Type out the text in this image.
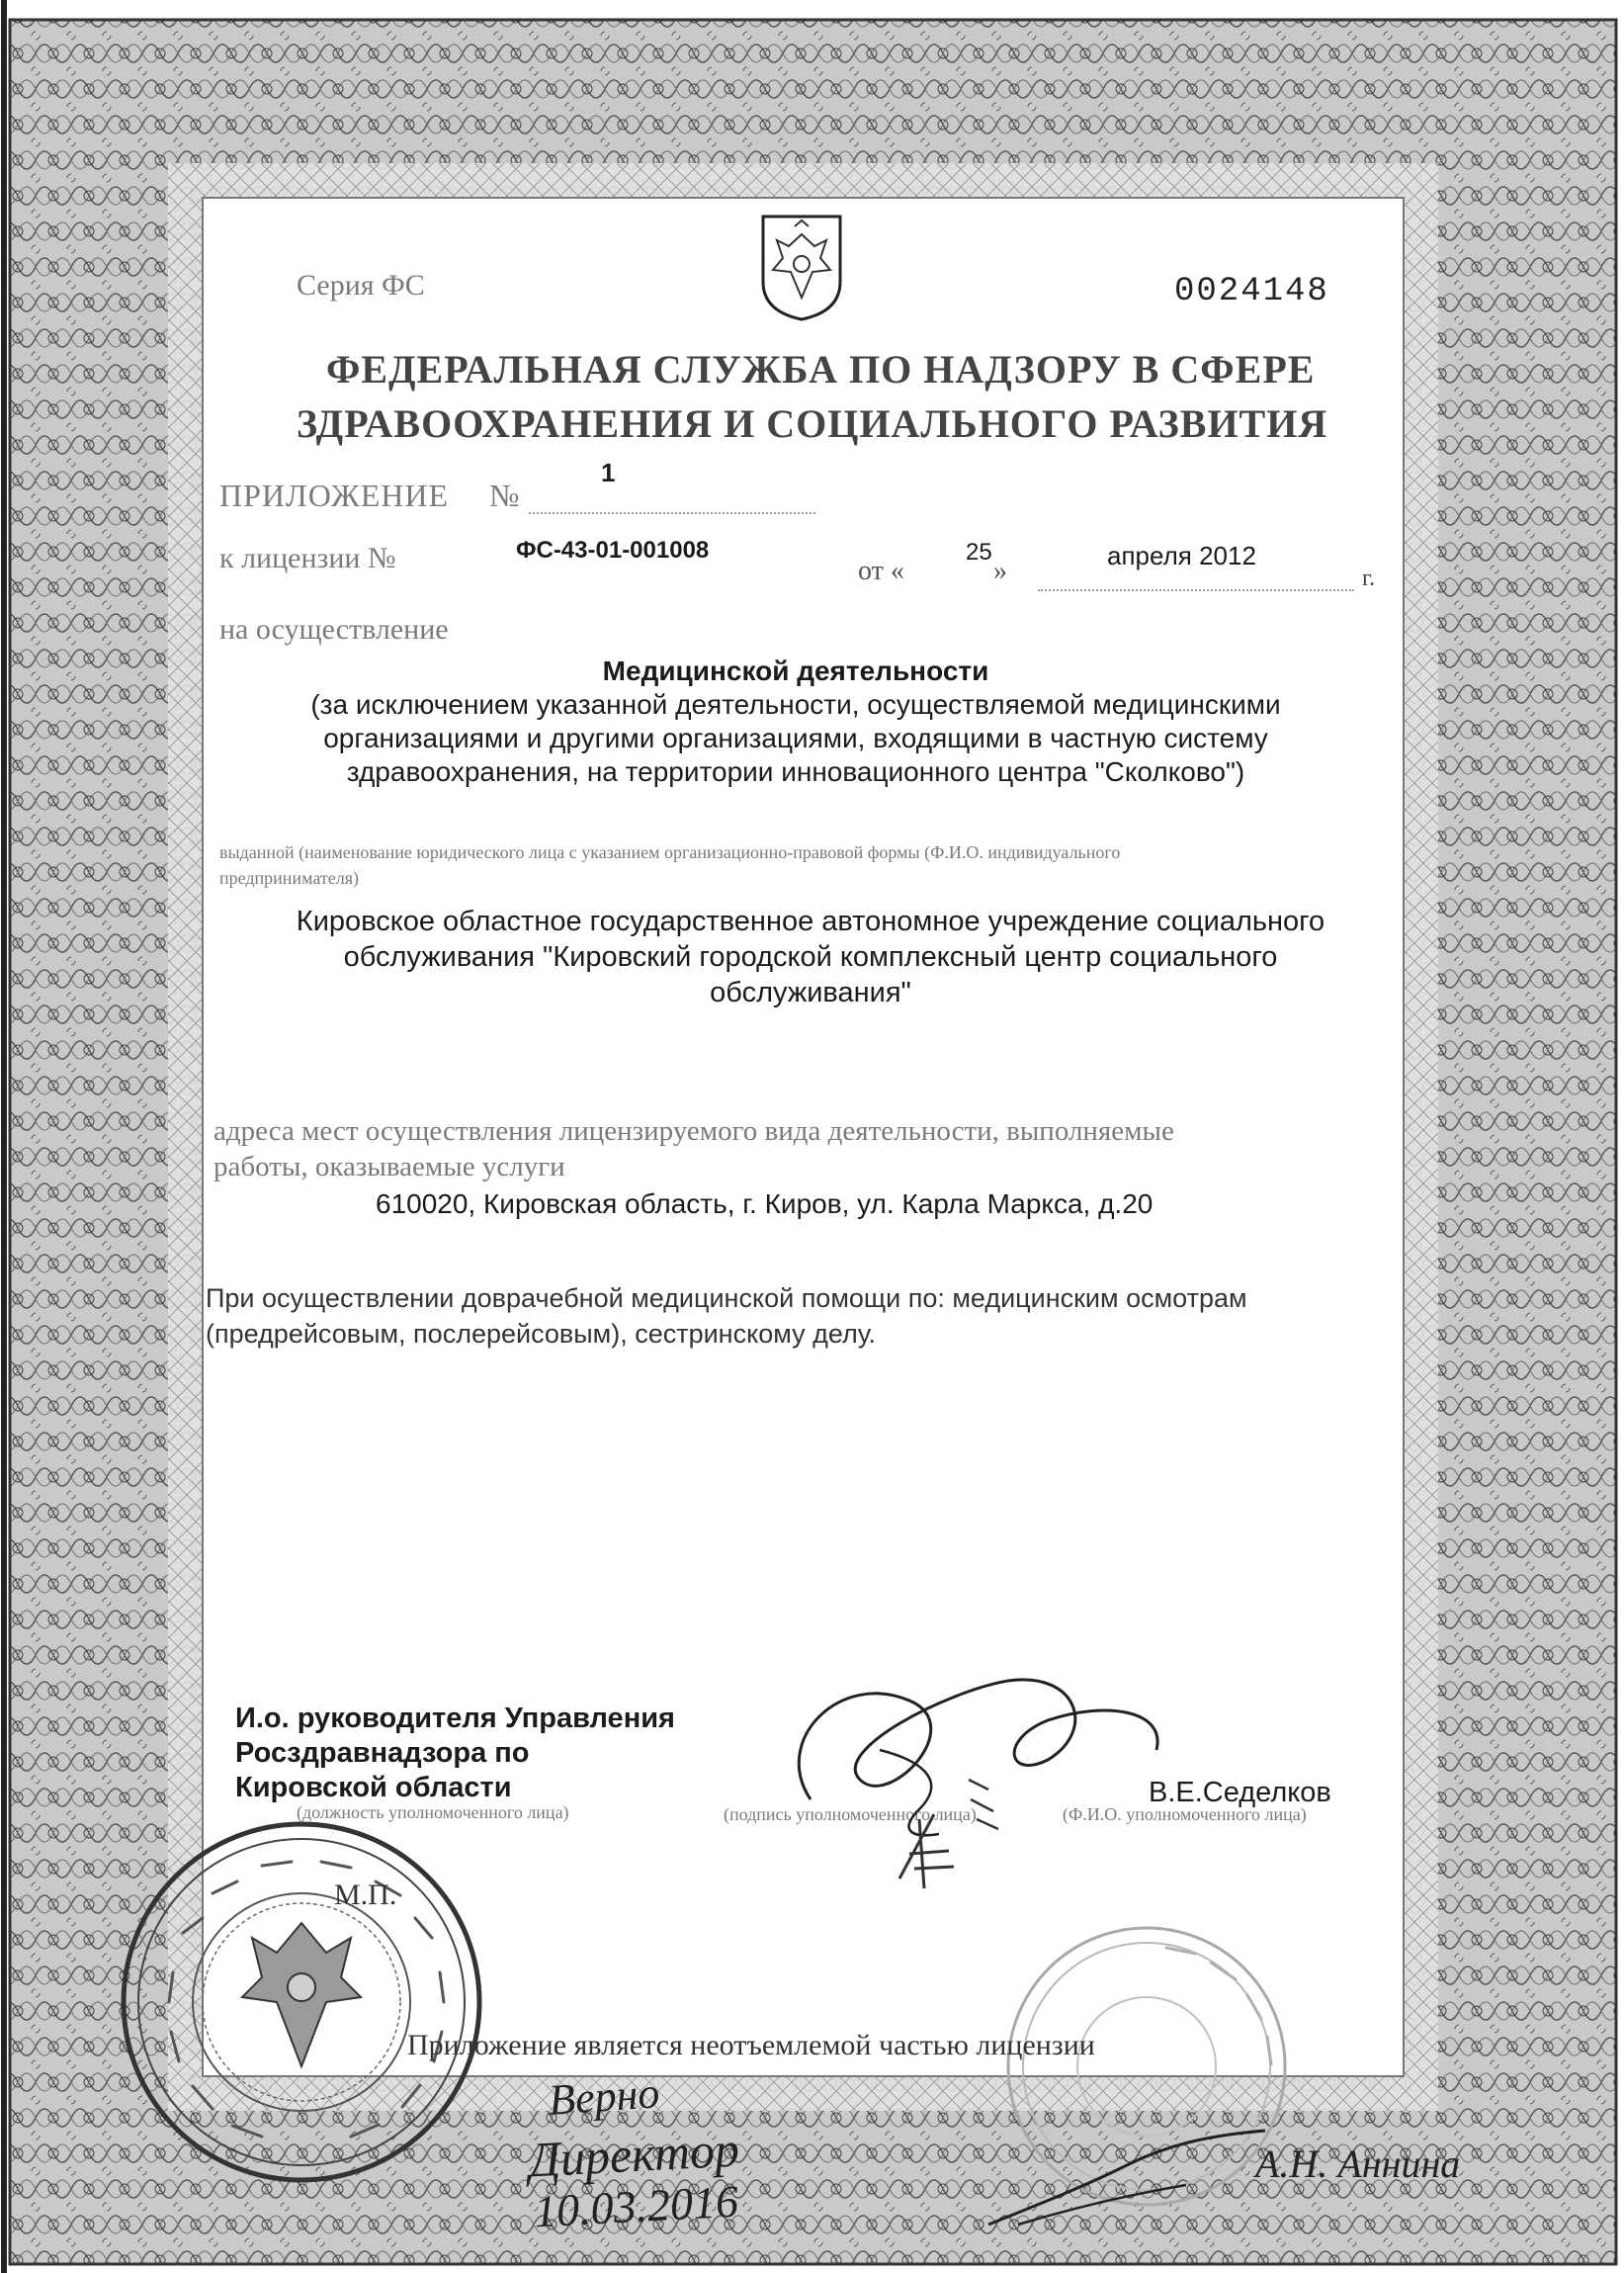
Серия ФС	0024148
ФЕДЕРАЛЬНАЯ СЛУЖБА ПО НАДЗОРУ В СФЕРЕ
ЗДРАВООХРАНЕНИЯ И СОЦИАЛЬНОГО РАЗВИТИЯ
ПРИЛОЖЕНИЕ №
1
к лицензии №	ФС-43-01-001008
от «
25
»	апреля 2012
г.
на осуществление
Медицинской деятельности
(за исключением указанной деятельности, осуществляемой медицинскими
организациями и другими организациями, входящими в частную систему
здравоохранения, на территории инновационного центра "Сколково")
выданной (наименование юридического лица с указанием организационно-правовой формы (Ф.И.О. индивидуального
предпринимателя)
Кировское областное государственное автономное учреждение социального
обслуживания "Кировский городской комплексный центр социального
обслуживания"
адреса мест осуществления лицензируемого вида деятельности, выполняемые
работы, оказываемые услуги
610020, Кировская область, г. Киров, ул. Карла Маркса, д.20
При осуществлении доврачебной медицинской помощи по: медицинским осмотрам
(предрейсовым, послерейсовым), сестринскому делу.
И.о. руководителя Управления
Росздравнадзора по
Кировской области	В.Е.Седелков
(должность уполномоченного лица)	(подпись уполномоченного лица)	(Ф.И.О. уполномоченного лица)
М.П.
Приложение является неотъемлемой частью лицензии
Верно
Директор
10.03.2016
А.Н. Аннина
